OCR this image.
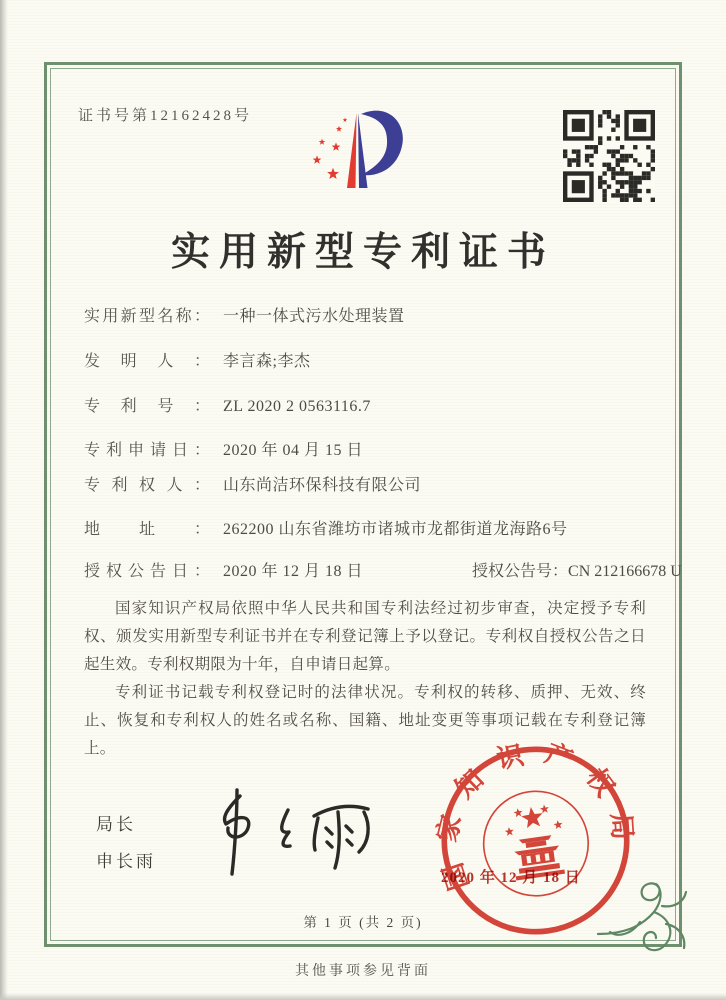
证书号第12162428号
实用新型专利证书
实用新型名称： 一种一体式污水处理装置
发明人： 李言森;李杰
专利号： ZL 2020 2 0563116.7
专利申请日： 2020 年 04 月 15 日
专利权人： 山东尚洁环保科技有限公司
地址： 262200 山东省潍坊市诸城市龙都街道龙海路6号
授权公告日： 2020 年 12 月 18 日	授权公告号：CN 212166678 U

国家知识产权局依照中华人民共和国专利法经过初步审查，决定授予专利权、颁发实用新型专利证书并在专利登记簿上予以登记。专利权自授权公告之日起生效。专利权期限为十年，自申请日起算。

专利证书记载专利权登记时的法律状况。专利权的转移、质押、无效、终止、恢复和专利权人的姓名或名称、国籍、地址变更等事项记载在专利登记簿上。

局长
申长雨	国家知识产权局
2020 年 12 月 18 日
第 1 页 (共 2 页)
其他事项参见背面
